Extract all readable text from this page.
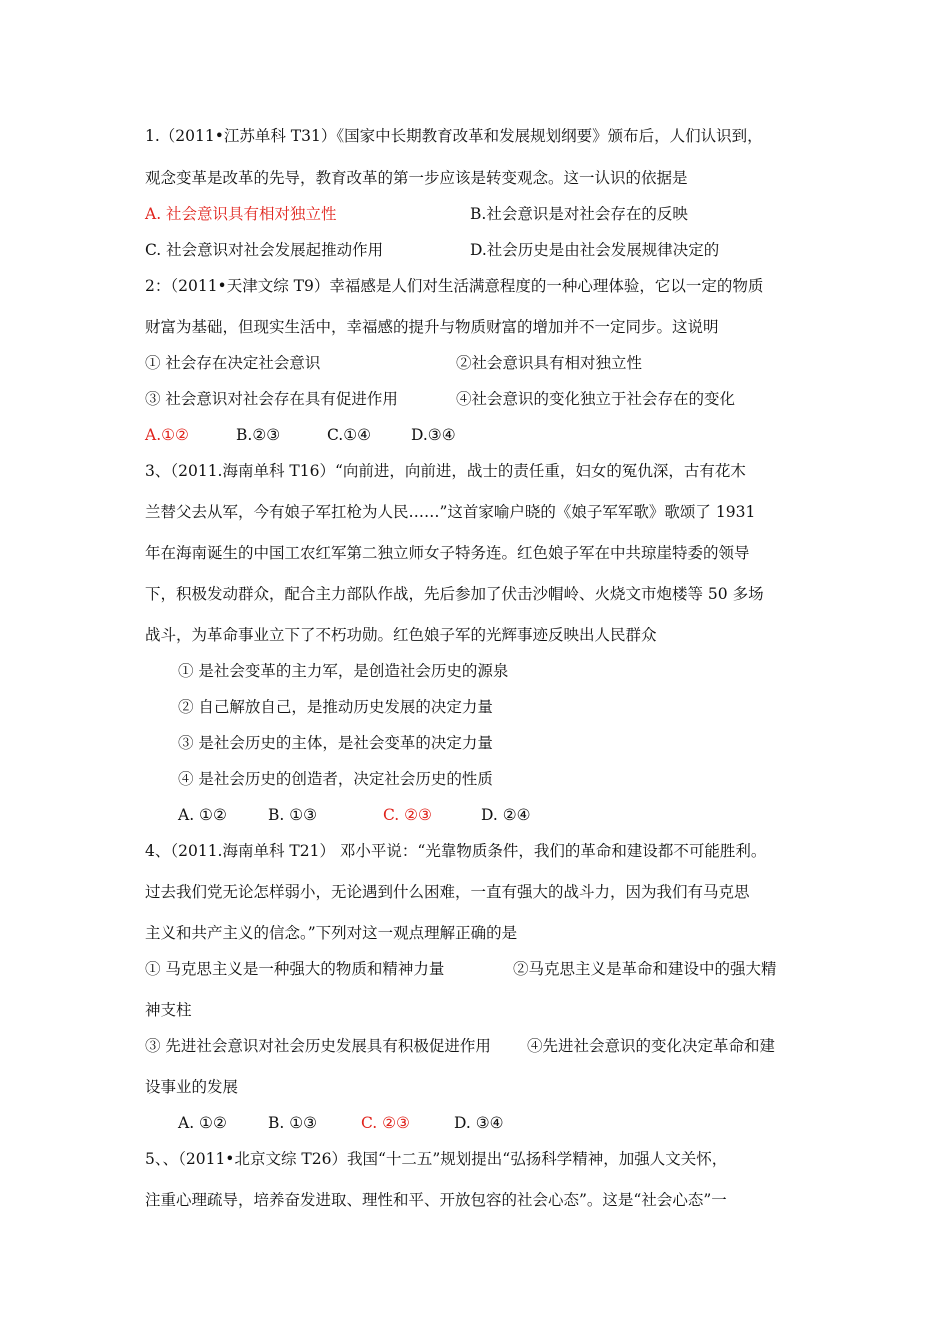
1.（2011•江苏单科 T31）《国家中长期教育改革和发展规划纲要》颁布后，人们认识到，
观念变革是改革的先导，教育改革的第一步应该是转变观念。这一认识的依据是
A. 社会意识具有相对独立性	B.社会意识是对社会存在的反映
C. 社会意识对社会发展起推动作用	D.社会历史是由社会发展规律决定的
2：（2011•天津文综 T9）幸福感是人们对生活满意程度的一种心理体验，它以一定的物质
财富为基础，但现实生活中，幸福感的提升与物质财富的增加并不一定同步。这说明
① 社会存在决定社会意识	②社会意识具有相对独立性
③ 社会意识对社会存在具有促进作用	④社会意识的变化独立于社会存在的变化
A.①②	B.②③	C.①④	D.③④
3、（2011.海南单科 T16）“向前进，向前进，战士的责任重，妇女的冤仇深，古有花木
兰替父去从军，今有娘子军扛枪为人民……”这首家喻户晓的《娘子军军歌》歌颂了 1931
年在海南诞生的中国工农红军第二独立师女子特务连。红色娘子军在中共琼崖特委的领导
下，积极发动群众，配合主力部队作战，先后参加了伏击沙帽岭、火烧文市炮楼等 50 多场
战斗，为革命事业立下了不朽功勋。红色娘子军的光辉事迹反映出人民群众
① 是社会变革的主力军，是创造社会历史的源泉
② 自己解放自己，是推动历史发展的决定力量
③ 是社会历史的主体，是社会变革的决定力量
④ 是社会历史的创造者，决定社会历史的性质
A. ①②	B. ①③	C. ②③	D. ②④
4、（2011.海南单科 T21） 邓小平说：“光靠物质条件，我们的革命和建设都不可能胜利。
过去我们党无论怎样弱小，无论遇到什么困难，一直有强大的战斗力，因为我们有马克思
主义和共产主义的信念。”下列对这一观点理解正确的是
① 马克思主义是一种强大的物质和精神力量	②马克思主义是革命和建设中的强大精
神支柱
③ 先进社会意识对社会历史发展具有积极促进作用 ④先进社会意识的变化决定革命和建
设事业的发展
A. ①②	B. ①③	C. ②③	D. ③④
5、、（2011•北京文综 T26）我国“十二五”规划提出“弘扬科学精神，加强人文关怀，
注重心理疏导，培养奋发进取、理性和平、开放包容的社会心态”。这是“社会心态”一
